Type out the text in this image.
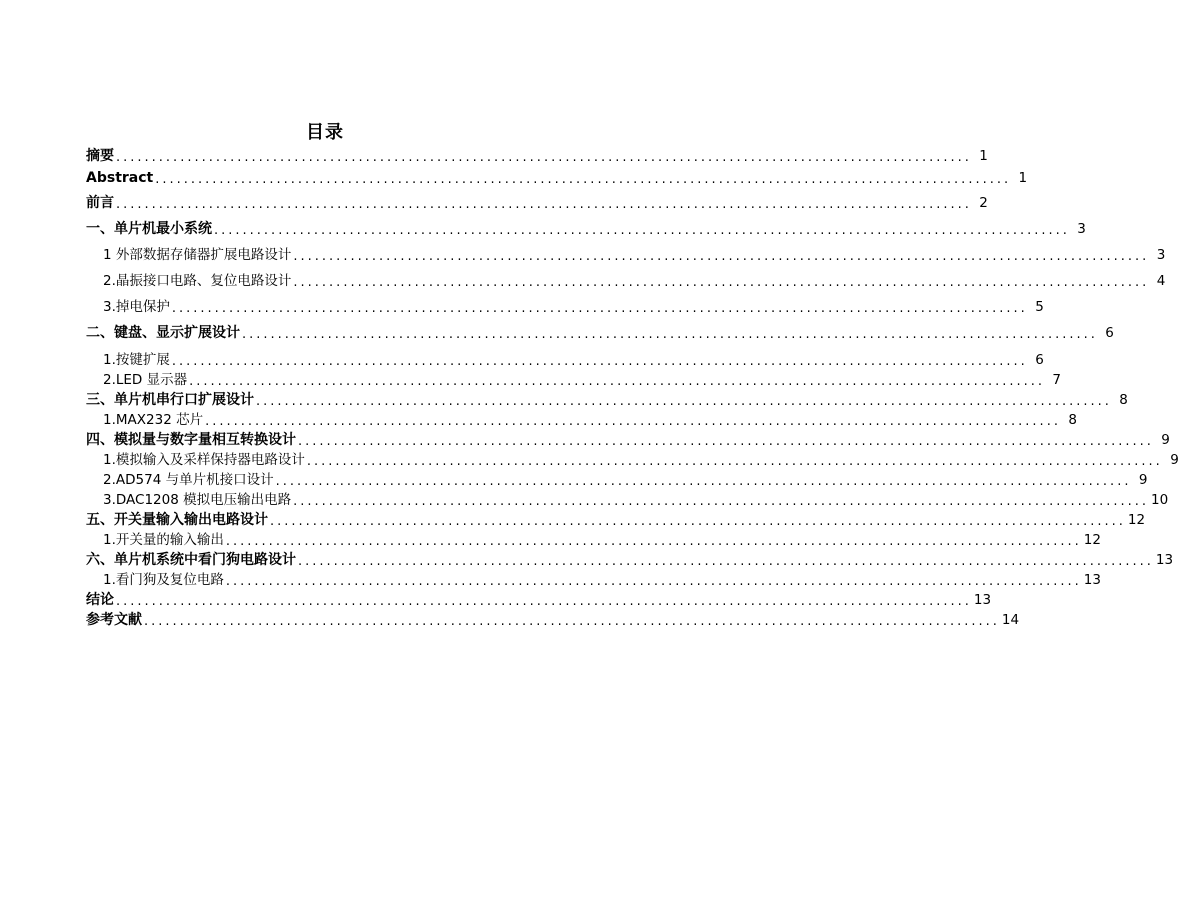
目录
摘要 ........................................................................................................................ 1
Abstract ........................................................................................................................ 1
前言 ........................................................................................................................ 2
一、单片机最小系统 ........................................................................................................................ 3
1 外部数据存储器扩展电路设计 ........................................................................................................................ 3
2.晶振接口电路、复位电路设计 ........................................................................................................................ 4
3.掉电保护 ........................................................................................................................ 5
二、键盘、显示扩展设计 ........................................................................................................................ 6
1.按键扩展 ........................................................................................................................ 6
2.LED 显示器 ........................................................................................................................ 7
三、单片机串行口扩展设计 ........................................................................................................................ 8
1.MAX232 芯片 ........................................................................................................................ 8
四、模拟量与数字量相互转换设计 ........................................................................................................................ 9
1.模拟输入及采样保持器电路设计 ........................................................................................................................ 9
2.AD574 与单片机接口设计 ........................................................................................................................ 9
3.DAC1208 模拟电压输出电路 ........................................................................................................................ 10
五、开关量输入输出电路设计 ........................................................................................................................ 12
1.开关量的输入输出 ........................................................................................................................ 12
六、单片机系统中看门狗电路设计 ........................................................................................................................ 13
1.看门狗及复位电路 ........................................................................................................................ 13
结论 ........................................................................................................................ 13
参考文献 ........................................................................................................................ 14
